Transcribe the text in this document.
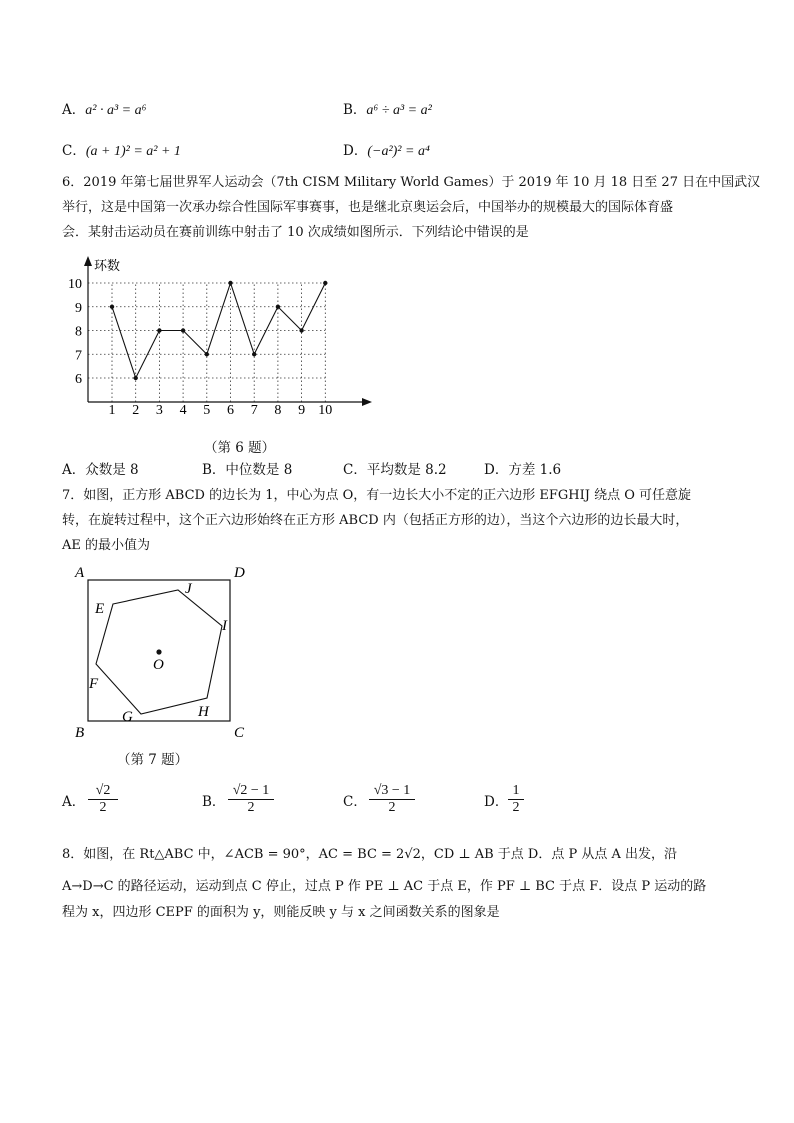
A．a² · a³ = a⁶	B．a⁶ ÷ a³ = a²
C．(a + 1)² = a² + 1	D．(−a²)² = a⁴
6．2019 年第七届世界军人运动会（7th CISM Military World Games）于 2019 年 10 月 18 日至 27 日在中国武汉
举行，这是中国第一次承办综合性国际军事赛事，也是继北京奥运会后，中国举办的规模最大的国际体育盛
会．某射击运动员在赛前训练中射击了 10 次成绩如图所示．下列结论中错误的是
环数
6
7
8
9
10
1 2 3 4 5 6 7 8 9 10
（第 6 题）
A．众数是 8	B．中位数是 8	C．平均数是 8.2	D．方差 1.6
7．如图，正方形 ABCD 的边长为 1，中心为点 O，有一边长大小不定的正六边形 EFGHIJ 绕点 O 可任意旋
转，在旋转过程中，这个正六边形始终在正方形 ABCD 内（包括正方形的边），当这个六边形的边长最大时，
AE 的最小值为
A	D
B	C
E
J
I
H
G
F
O
（第 7 题）
A． $\frac{√2}{2}$	B． $\frac{√2 - 1}{2}$	C． $\frac{√3 - 1}{2}$	D． $\frac{1}{2}$
8．如图，在 Rt△ABC 中，∠ACB = 90°，AC = BC = 2√2，CD ⊥ AB 于点 D．点 P 从点 A 出发，沿
A→D→C 的路径运动，运动到点 C 停止，过点 P 作 PE ⊥ AC 于点 E，作 PF ⊥ BC 于点 F．设点 P 运动的路
程为 x，四边形 CEPF 的面积为 y，则能反映 y 与 x 之间函数关系的图象是
